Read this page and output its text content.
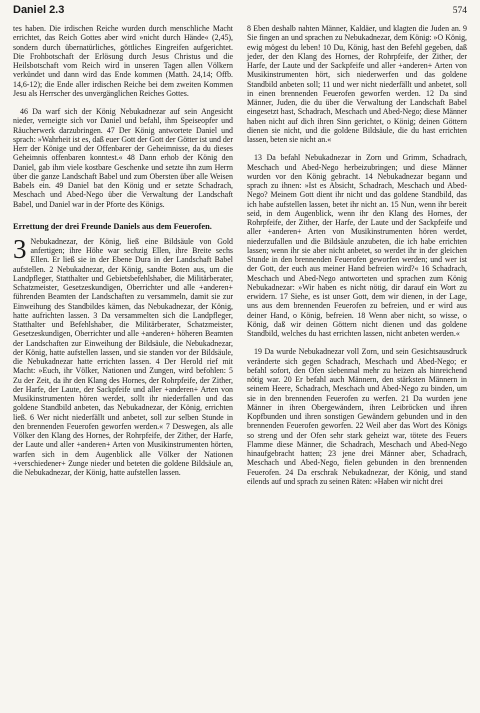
Daniel 2.3	574

tes haben. Die irdischen Reiche wurden durch menschliche Macht errichtet, das Reich Gottes aber wird »nicht durch Hände« (2,45), sondern durch übernatürliches, göttliches Eingreifen aufgerichtet. Die Frohbotschaft der Erlösung durch Jesus Christus und die Heilsbotschaft vom Reich wird in unseren Tagen allen Völkern verkündet und dann wird das Ende kommen (Matth. 24,14; Offb. 14,6-12); die Ende aller irdischen Reiche bei dem zweiten Kommen Jesu als Herrscher des unvergänglichen Reiches Gottes.

46 Da warf sich der König Nebukadnezar auf sein Angesicht nieder, verneigte sich vor Daniel und befahl, ihm Speiseopfer und Räucherwerk darzubringen. 47 Der König antwortete Daniel und sprach: »Wahrheit ist es, daß euer Gott der Gott der Götter ist und der Herr der Könige und der Offenbarer der Geheimnisse, da du dieses Geheimnis offenbaren konntest.« 48 Dann erhob der König den Daniel, gab ihm viele kostbare Geschenke und setzte ihn zum Herrn über die ganze Landschaft Babel und zum Obersten über alle Weisen Babels ein. 49 Daniel bat den König und er setzte Schadrach, Meschach und Abed-Nego über die Verwaltung der Landschaft Babel, und Daniel war in der Pforte des Königs.

Errettung der drei Freunde Daniels aus dem Feuerofen.

3 Nebukadnezar, der König, ließ eine Bildsäule von Gold anfertigen; ihre Höhe war sechzig Ellen, ihre Breite sechs Ellen. Er ließ sie in der Ebene Dura in der Landschaft Babel aufstellen. 2 Nebukadnezar, der König, sandte Boten aus, um die Landpfleger, Statthalter und Gebietsbefehlshaber, die Militärberater, Schatzmeister, Gesetzeskundigen, Oberrichter und alle +anderen+ führenden Beamten der Landschaften zu versammeln, damit sie zur Einweihung des Standbildes kämen, das Nebukadnezar, der König, hatte aufrichten lassen. 3 Da versammelten sich die Landpfleger, Statthalter und Befehlshaber, die Militärberater, Schatzmeister, Gesetzeskundigen, Oberrichter und alle +anderen+ höheren Beamten der Landschaften zur Einweihung der Bildsäule, die Nebukadnezar, der König, hatte aufstellen lassen, und sie standen vor der Bildsäule, die Nebukadnezar hatte errichten lassen. 4 Der Herold rief mit Macht: »Euch, ihr Völker, Nationen und Zungen, wird befohlen: 5 Zu der Zeit, da ihr den Klang des Hornes, der Rohrpfeife, der Zither, der Harfe, der Laute, der Sackpfeife und aller +anderen+ Arten von Musikinstrumenten hören werdet, sollt ihr niederfallen und das goldene Standbild anbeten, das Nebukadnezar, der König, errichten ließ. 6 Wer nicht niederfällt und anbetet, soll zur selben Stunde in den brennenden Feuerofen geworfen werden.« 7 Deswegen, als alle Völker den Klang des Hornes, der Rohrpfeife, der Zither, der Harfe, der Laute und aller +anderen+ Arten von Musikinstrumenten hörten, warfen sich in dem Augenblick alle Völker der Nationen +verschiedener+ Zunge nieder und beteten die goldene Bildsäule an, die Nebukadnezar, der König, hatte aufstellen lassen.

8 Eben deshalb nahten Männer, Kaldäer, und klagten die Juden an. 9 Sie fingen an und sprachen zu Nebukadnezar, dem König: »O König, ewig mögest du leben! 10 Du, König, hast den Befehl gegeben, daß jeder, der den Klang des Hornes, der Rohrpfeife, der Zither, der Harfe, der Laute und der Sackpfeife und aller +anderen+ Arten von Musikinstrumenten hört, sich niederwerfen und das goldene Standbild anbeten soll; 11 und wer nicht niederfällt und anbetet, soll in einen brennenden Feuerofen geworfen werden. 12 Da sind Männer, Juden, die du über die Verwaltung der Landschaft Babel eingesetzt hast, Schadrach, Meschach und Abed-Nego; diese Männer haben nicht auf dich ihren Sinn gerichtet, o König; deinen Göttern dienen sie nicht, und die goldene Bildsäule, die du hast errichten lassen, beten sie nicht an.«

13 Da befahl Nebukadnezar in Zorn und Grimm, Schadrach, Meschach und Abed-Nego herbeizubringen; und diese Männer wurden vor den König gebracht. 14 Nebukadnezar begann und sprach zu ihnen: »Ist es Absicht, Schadrach, Meschach und Abed-Nego? Meinem Gott dient ihr nicht und das goldene Standbild, das ich habe aufstellen lassen, betet ihr nicht an. 15 Nun, wenn ihr bereit seid, in dem Augenblick, wenn ihr den Klang des Hornes, der Rohrpfeife, der Zither, der Harfe, der Laute und der Sackpfeife und aller +anderen+ Arten von Musikinstrumenten hören werdet, niederzufallen und die Bildsäule anzubeten, die ich habe errichten lassen; wenn ihr sie aber nicht anbetet, so werdet ihr in der gleichen Stunde in den brennenden Feuerofen geworfen werden; und wer ist der Gott, der euch aus meiner Hand befreien wird?« 16 Schadrach, Meschach und Abed-Nego antworteten und sprachen zum König Nebukadnezar: »Wir haben es nicht nötig, dir darauf ein Wort zu erwidern. 17 Siehe, es ist unser Gott, dem wir dienen, in der Lage, uns aus dem brennenden Feuerofen zu befreien, und er wird aus deiner Hand, o König, befreien. 18 Wenn aber nicht, so wisse, o König, daß wir deinen Göttern nicht dienen und das goldene Standbild, welches du hast errichten lassen, nicht anbeten werden.«

19 Da wurde Nebukadnezar voll Zorn, und sein Gesichtsausdruck veränderte sich gegen Schadrach, Meschach und Abed-Nego; er befahl sofort, den Ofen siebenmal mehr zu heizen als hinreichend nötig war. 20 Er befahl auch Männern, den stärksten Männern in seinem Heere, Schadrach, Meschach und Abed-Nego zu binden, um sie in den brennenden Feuerofen zu werfen. 21 Da wurden jene Männer in ihren Obergewändern, ihren Leibröcken und ihren Kopfbunden und ihren sonstigen Gewändern gebunden und in den brennenden Feuerofen geworfen. 22 Weil aber das Wort des Königs so streng und der Ofen sehr stark geheizt war, tötete des Feuers Flamme diese Männer, die Schadrach, Meschach und Abed-Nego hinaufgebracht hatten; 23 jene drei Männer aber, Schadrach, Meschach und Abed-Nego, fielen gebunden in den brennenden Feuerofen. 24 Da erschrak Nebukadnezar, der König, und stand eilends auf und sprach zu seinen Räten: »Haben wir nicht drei
